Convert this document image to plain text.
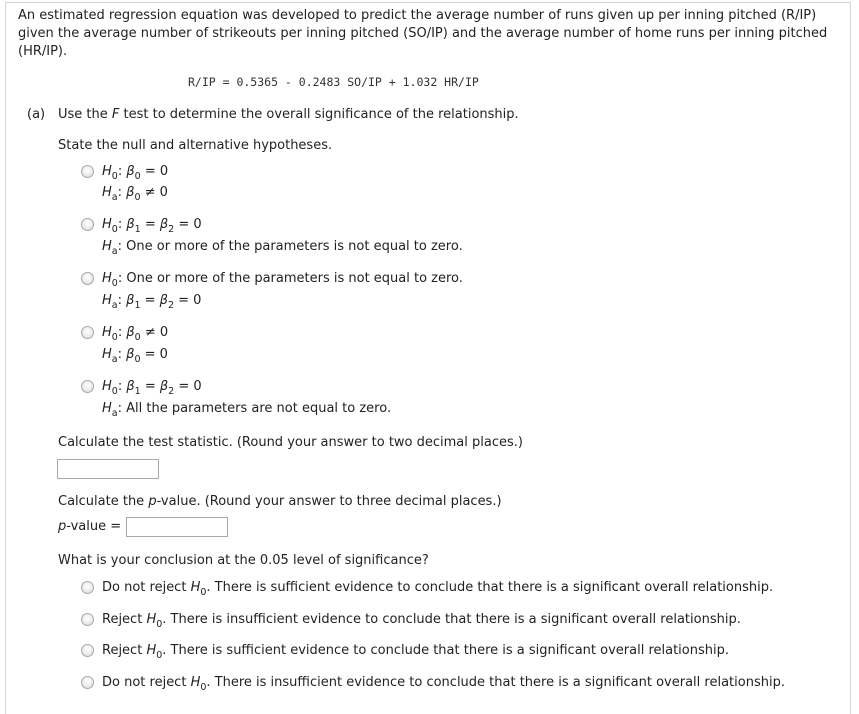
An estimated regression equation was developed to predict the average number of runs given up per inning pitched (R/IP) given the average number of strikeouts per inning pitched (SO/IP) and the average number of home runs per inning pitched (HR/IP).
R/IP = 0.5365 - 0.2483 SO/IP + 1.032 HR/IP
(a) Use the F test to determine the overall significance of the relationship.
State the null and alternative hypotheses.
$H_0$: $\beta_0 = 0$
$H_a$: $\beta_0 \ne 0$
$H_0$: $\beta_1 = \beta_2 = 0$
$H_a$: One or more of the parameters is not equal to zero.
$H_0$: One or more of the parameters is not equal to zero.
$H_a$: $\beta_1 = \beta_2 = 0$
$H_0$: $\beta_0 \ne 0$
$H_a$: $\beta_0 = 0$
$H_0$: $\beta_1 = \beta_2 = 0$
$H_a$: All the parameters are not equal to zero.
Calculate the test statistic. (Round your answer to two decimal places.)
Calculate the p-value. (Round your answer to three decimal places.)
p-value =
What is your conclusion at the 0.05 level of significance?
Do not reject $H_0$. There is sufficient evidence to conclude that there is a significant overall relationship.
Reject $H_0$. There is insufficient evidence to conclude that there is a significant overall relationship.
Reject $H_0$. There is sufficient evidence to conclude that there is a significant overall relationship.
Do not reject $H_0$. There is insufficient evidence to conclude that there is a significant overall relationship.
